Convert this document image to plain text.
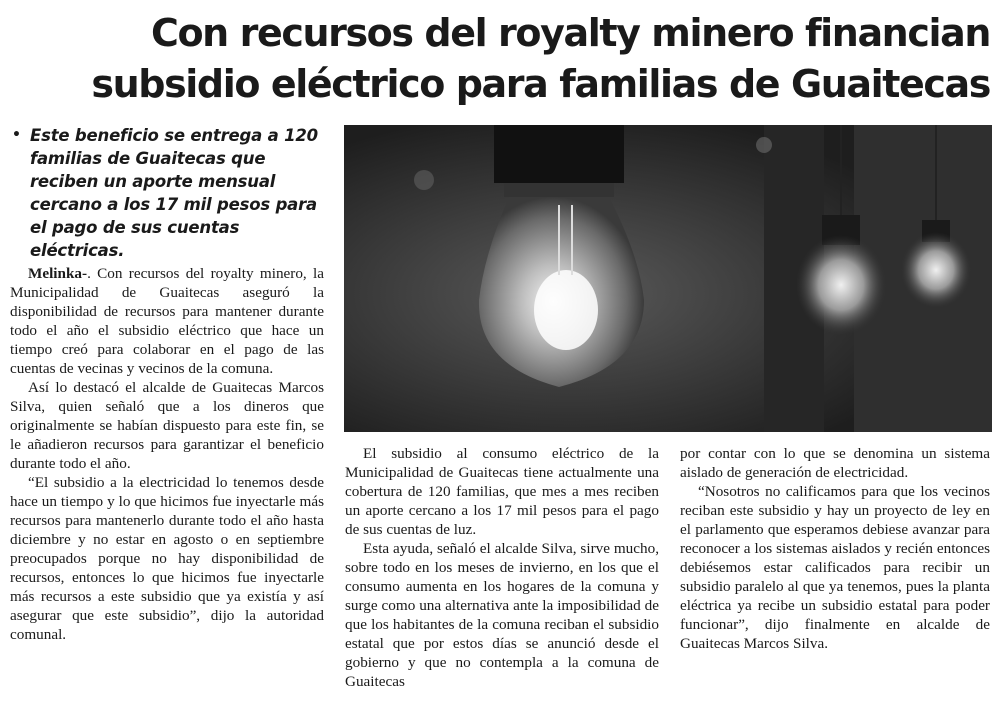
Con recursos del royalty minero financian
subsidio eléctrico para familias de Guaitecas
• Este beneficio se entrega a 120 familias de Guaitecas que reciben un aporte mensual cercano a los 17 mil pesos para el pago de sus cuentas eléctricas.

Melinka-. Con recursos del royalty minero, la Municipalidad de Guaitecas aseguró la disponibilidad de recursos para mantener durante todo el año el subsidio eléctrico que hace un tiempo creó para colaborar en el pago de las cuentas de vecinas y vecinos de la comuna.

Así lo destacó el alcalde de Guaitecas Marcos Silva, quien señaló que a los dineros que originalmente se habían dispuesto para este fin, se le añadieron recursos para garantizar el beneficio durante todo el año.

“El subsidio a la electricidad lo tenemos desde hace un tiempo y lo que hicimos fue inyectarle más recursos para mantenerlo durante todo el año hasta diciembre y no estar en agosto o en septiembre preocupados porque no hay disponibilidad de recursos, entonces lo que hicimos fue inyectarle más recursos a este subsidio que ya existía y así asegurar que este subsidio”, dijo la autoridad comunal.

El subsidio al consumo eléctrico de la Municipalidad de Guaitecas tiene actualmente una cobertura de 120 familias, que mes a mes reciben un aporte cercano a los 17 mil pesos para el pago de sus cuentas de luz.

Esta ayuda, señaló el alcalde Silva, sirve mucho, sobre todo en los meses de invierno, en los que el consumo aumenta en los hogares de la comuna y surge como una alternativa ante la imposibilidad de que los habitantes de la comuna reciban el subsidio estatal que por estos días se anunció desde el gobierno y que no contempla a la comuna de Guaitecas

por contar con lo que se denomina un sistema aislado de generación de electricidad.

“Nosotros no calificamos para que los vecinos reciban este subsidio y hay un proyecto de ley en el parlamento que esperamos debiese avanzar para reconocer a los sistemas aislados y recién entonces debiésemos estar calificados para recibir un subsidio paralelo al que ya tenemos, pues la planta eléctrica ya recibe un subsidio estatal para poder funcionar”, dijo finalmente en alcalde de Guaitecas Marcos Silva.
